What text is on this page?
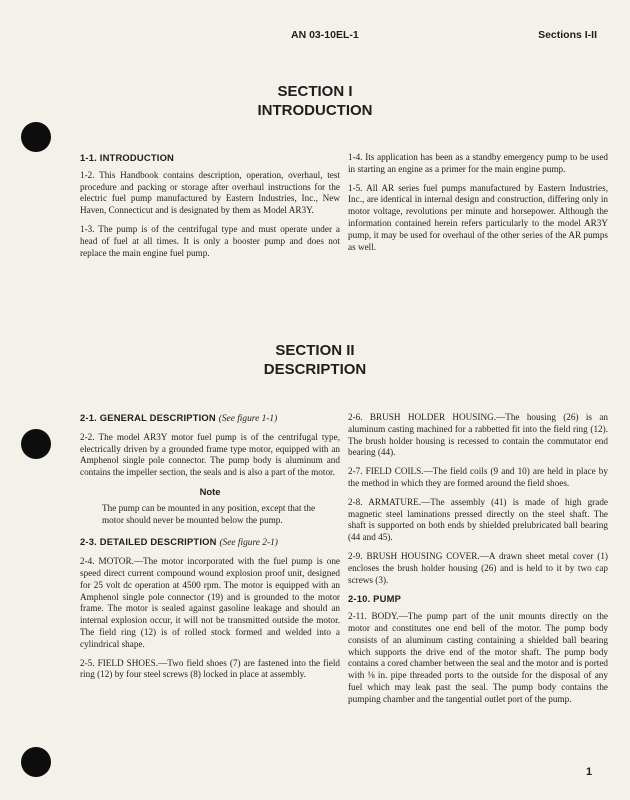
AN 03-10EL-1	Sections I-II
SECTION I
INTRODUCTION
1-1. INTRODUCTION

1-2. This Handbook contains description, operation, overhaul, test procedure and packing or storage after overhaul instructions for the electric fuel pump manufactured by Eastern Industries, Inc., New Haven, Connecticut and is designated by them as Model AR3Y.

1-3. The pump is of the centrifugal type and must operate under a head of fuel at all times. It is only a booster pump and does not replace the main engine fuel pump.

1-4. Its application has been as a standby emergency pump to be used in starting an engine as a primer for the main engine pump.

1-5. All AR series fuel pumps manufactured by Eastern Industries, Inc., are identical in internal design and construction, differing only in motor voltage, revolutions per minute and horsepower. Although the information contained herein refers particularly to the model AR3Y pump, it may be used for overhaul of the other series of the AR pumps as well.

SECTION II
DESCRIPTION
2-1. GENERAL DESCRIPTION (See figure 1-1)

2-2. The model AR3Y motor fuel pump is of the centrifugal type, electrically driven by a grounded frame type motor, equipped with an Amphenol single pole connector. The pump body is aluminum and contains the impeller section, the seals and is also a part of the motor.

Note

The pump can be mounted in any position, except that the motor should never be mounted below the pump.

2-3. DETAILED DESCRIPTION (See figure 2-1)

2-4. MOTOR.—The motor incorporated with the fuel pump is one speed direct current compound wound explosion proof unit, designed for 25 volt dc operation at 4500 rpm. The motor is equipped with an Amphenol single pole connector (19) and is grounded to the motor frame. The motor is sealed against gasoline leakage and should an internal explosion occur, it will not be transmitted outside the motor. The field ring (12) is of rolled stock formed and welded into a cylindrical shape.

2-5. FIELD SHOES.—Two field shoes (7) are fastened into the field ring (12) by four steel screws (8) locked in place at assembly.

2-6. BRUSH HOLDER HOUSING.—The housing (26) is an aluminum casting machined for a rabbetted fit into the field ring (12). The brush holder housing is recessed to contain the commutator end bearing (44).

2-7. FIELD COILS.—The field coils (9 and 10) are held in place by the method in which they are formed around the field shoes.

2-8. ARMATURE.—The assembly (41) is made of high grade magnetic steel laminations pressed directly on the steel shaft. The shaft is supported on both ends by shielded prelubricated ball bearing (44 and 45).

2-9. BRUSH HOUSING COVER.—A drawn sheet metal cover (1) encloses the brush holder housing (26) and is held to it by two cap screws (3).

2-10. PUMP

2-11. BODY.—The pump part of the unit mounts directly on the motor and constitutes one end bell of the motor. The pump body consists of an aluminum casting containing a shielded ball bearing which supports the drive end of the motor shaft. The pump body contains a cored chamber between the seal and the motor and is ported with ⅛ in. pipe threaded ports to the outside for the disposal of any fuel which may leak past the seal. The pump body contains the pumping chamber and the tangential outlet port of the pump.

1
